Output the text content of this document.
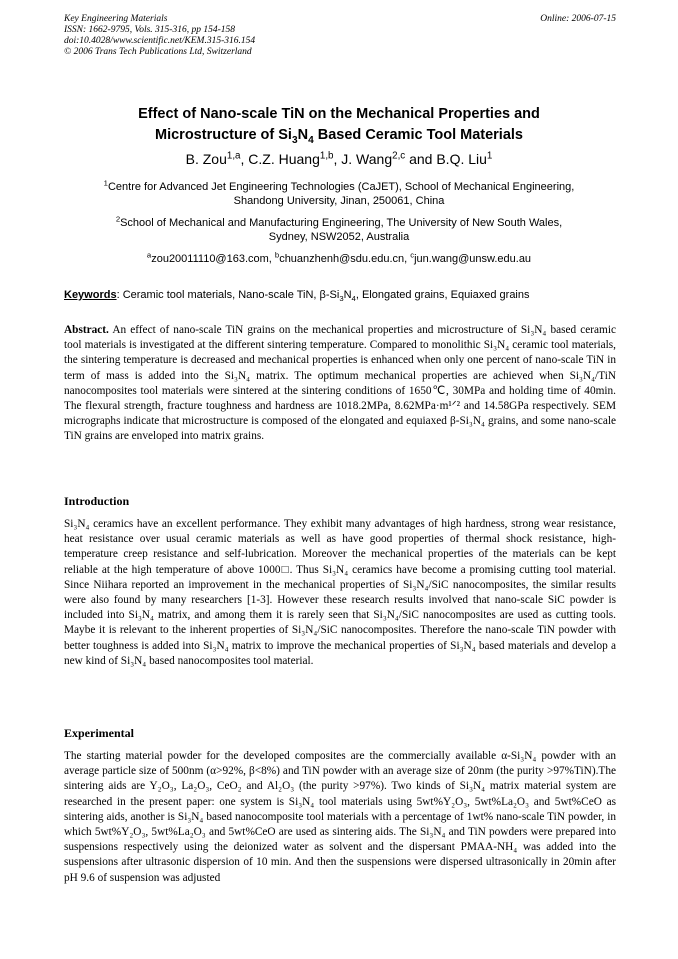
Key Engineering Materials
ISSN: 1662-9795, Vols. 315-316, pp 154-158
doi:10.4028/www.scientific.net/KEM.315-316.154
© 2006 Trans Tech Publications Ltd, Switzerland
Online: 2006-07-15
Effect of Nano-scale TiN on the Mechanical Properties and
Microstructure of $Si_3N_4$ Based Ceramic Tool Materials
B. Zou$^{1,a}$, C.Z. Huang$^{1,b}$, J. Wang$^{2,c}$ and B.Q. Liu$^1$
$^1$Centre for Advanced Jet Engineering Technologies (CaJET), School of Mechanical Engineering,
Shandong University, Jinan, 250061, China
$^2$School of Mechanical and Manufacturing Engineering, The University of New South Wales,
Sydney, NSW2052, Australia
$^a$zou20011110@163.com, $^b$chuanzhenh@sdu.edu.cn, $^c$jun.wang@unsw.edu.au
Keywords: Ceramic tool materials, Nano-scale TiN, $\beta-Si_3N_4$, Elongated grains, Equiaxed grains
Abstract. An effect of nano-scale TiN grains on the mechanical properties and microstructure of Si₃N₄ based ceramic tool materials is investigated at the different sintering temperature. Compared to monolithic Si₃N₄ ceramic tool materials, the sintering temperature is decreased and mechanical properties is enhanced when only one percent of nano-scale TiN in term of mass is added into the Si₃N₄ matrix. The optimum mechanical properties are achieved when Si₃N₄/TiN nanocomposites tool materials were sintered at the sintering conditions of 1650℃, 30MPa and holding time of 40min. The flexural strength, fracture toughness and hardness are 1018.2MPa, 8.62MPa·m¹ᐟ² and 14.58GPa respectively. SEM micrographs indicate that microstructure is composed of the elongated and equiaxed β-Si₃N₄ grains, and some nano-scale TiN grains are enveloped into matrix grains.
Introduction
Si₃N₄ ceramics have an excellent performance. They exhibit many advantages of high hardness, strong wear resistance, heat resistance over usual ceramic materials as well as have good properties of thermal shock resistance, high-temperature creep resistance and self-lubrication. Moreover the mechanical properties of the materials can be kept reliable at the high temperature of above 1000□. Thus Si₃N₄ ceramics have become a promising cutting tool material. Since Niihara reported an improvement in the mechanical properties of Si₃N₄/SiC nanocomposites, the similar results were also found by many researchers [1-3]. However these research results involved that nano-scale SiC powder is included into Si₃N₄ matrix, and among them it is rarely seen that Si₃N₄/SiC nanocomposites are used as cutting tools. Maybe it is relevant to the inherent properties of Si₃N₄/SiC nanocomposites. Therefore the nano-scale TiN powder with better toughness is added into Si₃N₄ matrix to improve the mechanical properties of Si₃N₄ based materials and develop a new kind of Si₃N₄ based nanocomposites tool material.
Experimental
The starting material powder for the developed composites are the commercially available α-Si₃N₄ powder with an average particle size of 500nm (α>92%, β<8%) and TiN powder with an average size of 20nm (the purity >97%TiN).The sintering aids are Y₂O₃, La₂O₃, CeO₂ and Al₂O₃ (the purity >97%). Two kinds of Si₃N₄ matrix material system are researched in the present paper: one system is Si₃N₄ tool materials using 5wt%Y₂O₃, 5wt%La₂O₃ and 5wt%CeO as sintering aids, another is Si₃N₄ based nanocomposite tool materials with a percentage of 1wt% nano-scale TiN powder, in which 5wt%Y₂O₃, 5wt%La₂O₃ and 5wt%CeO are used as sintering aids. The Si₃N₄ and TiN powders were prepared into suspensions respectively using the deionized water as solvent and the dispersant PMAA-NH₄ was added into the suspensions after ultrasonic dispersion of 10 min. And then the suspensions were dispersed ultrasonically in 20min after pH 9.6 of suspension was adjusted
